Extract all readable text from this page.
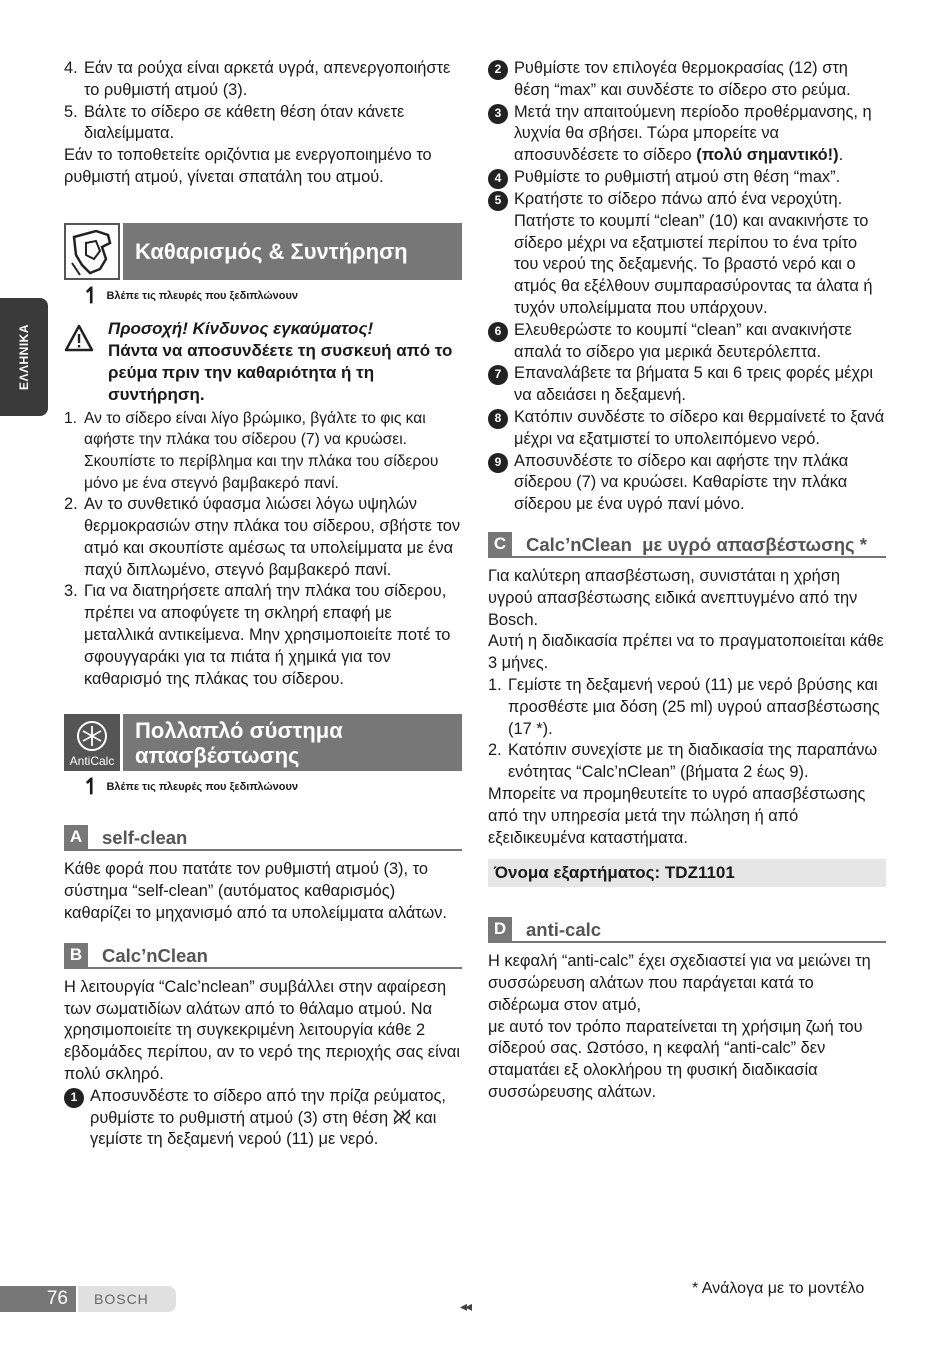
ΕΛΛΗΝΙΚΑ
4. Εάν τα ρούχα είναι αρκετά υγρά, απενεργοποιήστε το ρυθμιστή ατμού (3).
5. Βάλτε το σίδερο σε κάθετη θέση όταν κάνετε διαλείμματα.

Εάν το τοποθετείτε οριζόντια με ενεργοποιημένο το ρυθμιστή ατμού, γίνεται σπατάλη του ατμού.

Καθαρισμός & Συντήρηση
↿ Βλέπε τις πλευρές που ξεδιπλώνουν
Προσοχή! Κίνδυνος εγκαύματος!
Πάντα να αποσυνδέετε τη συσκευή από το ρεύμα πριν την καθαριότητα ή τη συντήρηση.
1. Αν το σίδερο είναι λίγο βρώμικο, βγάλτε το φις και αφήστε την πλάκα του σίδερου (7) να κρυώσει. Σκουπίστε το περίβλημα και την πλάκα του σίδερου μόνο με ένα στεγνό βαμβακερό πανί.
2. Αν το συνθετικό ύφασμα λιώσει λόγω υψηλών θερμοκρασιών στην πλάκα του σίδερου, σβήστε τον ατμό και σκουπίστε αμέσως τα υπολείμματα με ένα παχύ διπλωμένο, στεγνό βαμβακερό πανί.
3. Για να διατηρήσετε απαλή την πλάκα του σίδερου, πρέπει να αποφύγετε τη σκληρή επαφή με μεταλλικά αντικείμενα. Μην χρησιμοποιείτε ποτέ το σφουγγαράκι για τα πιάτα ή χημικά για τον καθαρισμό της πλάκας του σίδερου.
AntiCalc
Πολλαπλό σύστημα απασβέστωσης
↿ Βλέπε τις πλευρές που ξεδιπλώνουν
A	self-clean

Κάθε φορά που πατάτε τον ρυθμιστή ατμού (3), το σύστημα “self-clean” (αυτόματος καθαρισμός) καθαρίζει το μηχανισμό από τα υπολείμματα αλάτων.

B	Calc’nClean

Η λειτουργία “Calc’nclean” συμβάλλει στην αφαίρεση των σωματιδίων αλάτων από το θάλαμο ατμού. Να χρησιμοποιείτε τη συγκεκριμένη λειτουργία κάθε 2 εβδομάδες περίπου, αν το νερό της περιοχής σας είναι πολύ σκληρό.

1 Αποσυνδέστε το σίδερο από την πρίζα ρεύματος, ρυθμίστε το ρυθμιστή ατμού (3) στη θέση και γεμίστε τη δεξαμενή νερού (11) με νερό.
2 Ρυθμίστε τον επιλογέα θερμοκρασίας (12) στη θέση “max” και συνδέστε το σίδερο στο ρεύμα.
3 Μετά την απαιτούμενη περίοδο προθέρμανσης, η λυχνία θα σβήσει. Τώρα μπορείτε να αποσυνδέσετε το σίδερο (πολύ σημαντικό!).
4 Ρυθμίστε το ρυθμιστή ατμού στη θέση “max”.
5 Κρατήστε το σίδερο πάνω από ένα νεροχύτη. Πατήστε το κουμπί “clean” (10) και ανακινήστε το σίδερο μέχρι να εξατμιστεί περίπου το ένα τρίτο του νερού της δεξαμενής. Το βραστό νερό και ο ατμός θα εξέλθουν συμπαρασύροντας τα άλατα ή τυχόν υπολείμματα που υπάρχουν.
6 Ελευθερώστε το κουμπί “clean” και ανακινήστε απαλά το σίδερο για μερικά δευτερόλεπτα.
7 Επαναλάβετε τα βήματα 5 και 6 τρεις φορές μέχρι να αδειάσει η δεξαμενή.
8 Κατόπιν συνδέστε το σίδερο και θερμαίνετέ το ξανά μέχρι να εξατμιστεί το υπολειπόμενο νερό.
9 Αποσυνδέστε το σίδερο και αφήστε την πλάκα σίδερου (7) να κρυώσει. Καθαρίστε την πλάκα σίδερου με ένα υγρό πανί μόνο.
C	Calc’nClean  με υγρό απασβέστωσης *

Για καλύτερη απασβέστωση, συνιστάται η χρήση υγρού απασβέστωσης ειδικά ανεπτυγμένο από την Bosch.

Αυτή η διαδικασία πρέπει να το πραγματοποιείται κάθε 3 μήνες.

1. Γεμίστε τη δεξαμενή νερού (11) με νερό βρύσης και προσθέστε μια δόση (25 ml) υγρού απασβέστωσης (17 *).
2. Κατόπιν συνεχίστε με τη διαδικασία της παραπάνω ενότητας “Calc’nClean” (βήματα 2 έως 9).

Μπορείτε να προμηθευτείτε το υγρό απασβέστωσης από την υπηρεσία μετά την πώληση ή από εξειδικευμένα καταστήματα.

Όνομα εξαρτήματος: TDZ1101
D	anti-calc

Η κεφαλή “anti-calc” έχει σχεδιαστεί για να μειώνει τη συσσώρευση αλάτων που παράγεται κατά το σιδέρωμα στον ατμό,

με αυτό τον τρόπο παρατείνεται τη χρήσιμη ζωή του σίδερού σας. Ωστόσο, η κεφαλή “anti-calc” δεν σταματάει εξ ολοκλήρου τη φυσική διαδικασία συσσώρευσης αλάτων.

76	BOSCH	◂◂
* Ανάλογα με το μοντέλο
